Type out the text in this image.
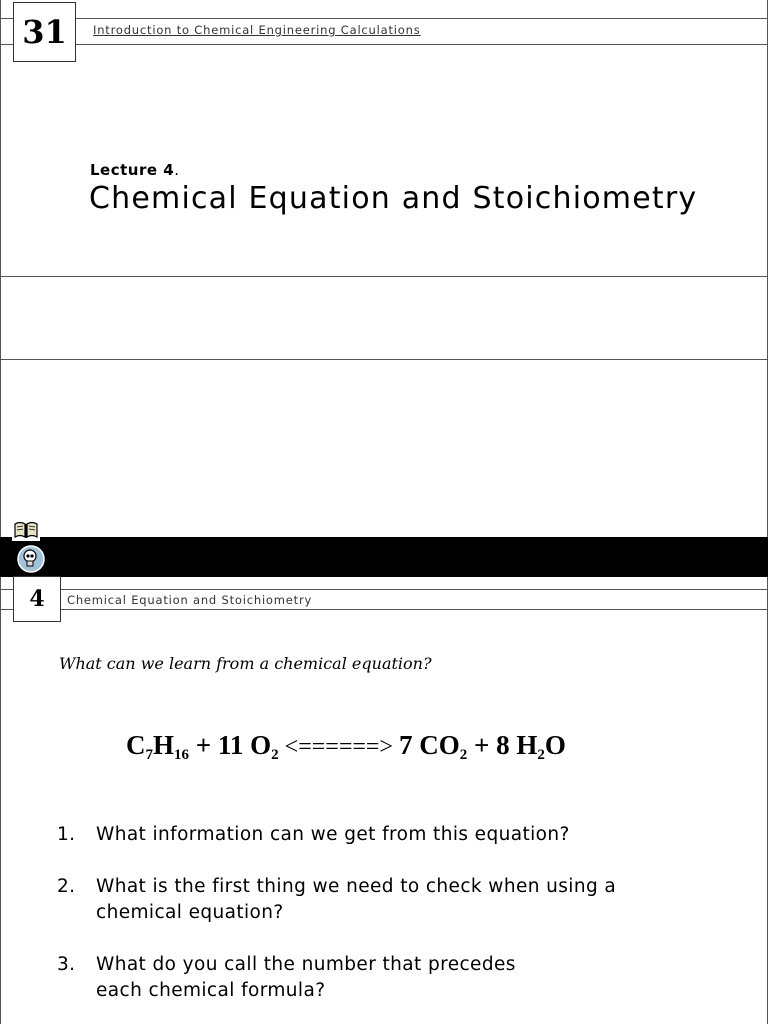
31	Introduction to Chemical Engineering Calculations
Lecture 4.
Chemical Equation and Stoichiometry
4	Chemical Equation and Stoichiometry
What can we learn from a chemical equation?
$C_7H_{16} + 11$ $O_2$ <======> 7 $CO_2 + 8$ $H_2O$
1. What information can we get from this equation?
2. What is the first thing we need to check when using a
chemical equation?
3. What do you call the number that precedes
each chemical formula?
